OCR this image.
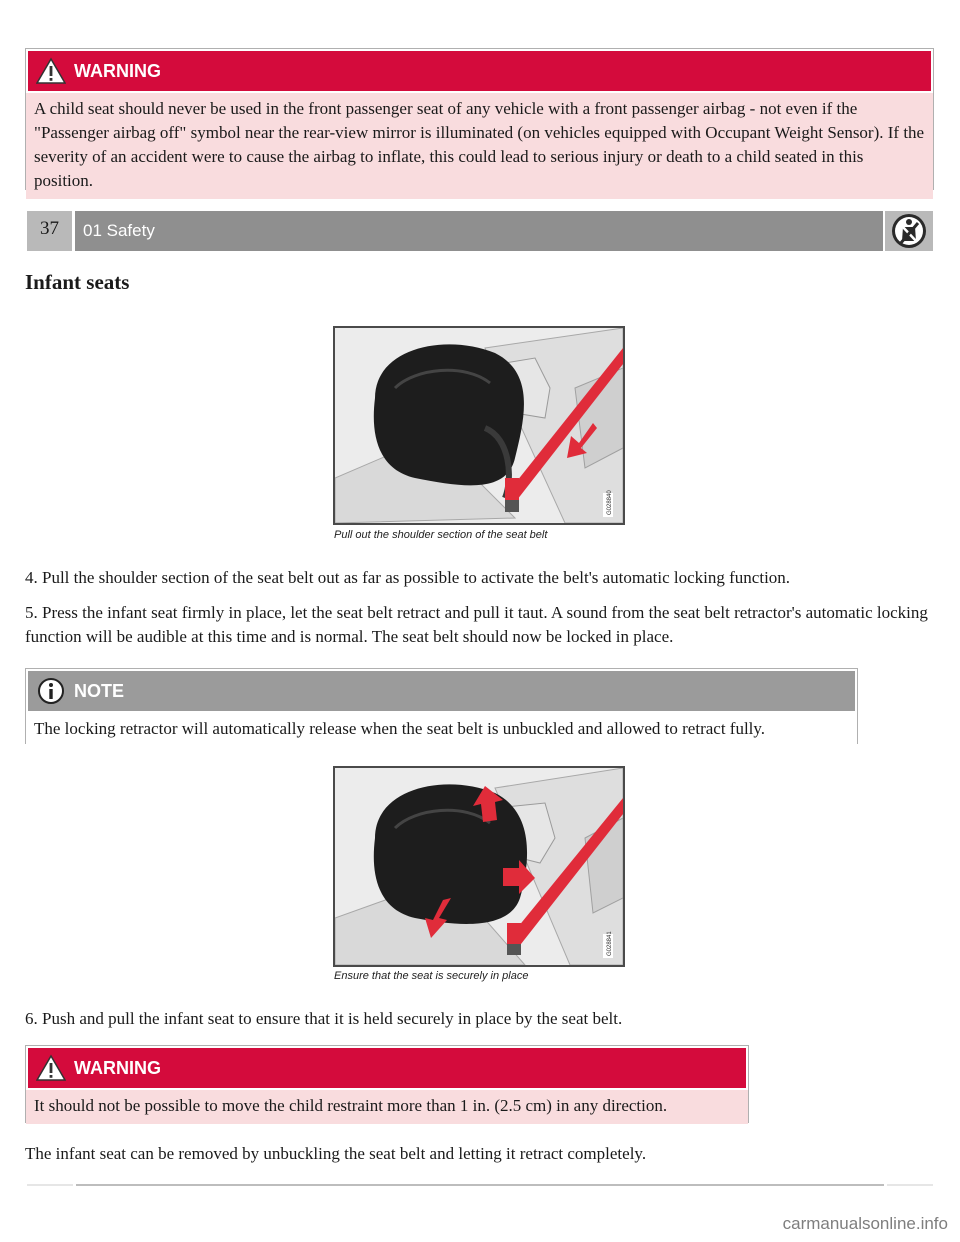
WARNING
A child seat should never be used in the front passenger seat of any vehicle with a front passenger airbag - not even if the "Passenger airbag off" symbol near the rear-view mirror is illuminated (on vehicles equipped with Occupant Weight Sensor). If the severity of an accident were to cause the airbag to inflate, this could lead to serious injury or death to a child seated in this position.
37	01 Safety
Infant seats
G028840
Pull out the shoulder section of the seat belt
4. Pull the shoulder section of the seat belt out as far as possible to activate the belt's automatic locking function.
5. Press the infant seat firmly in place, let the seat belt retract and pull it taut. A sound from the seat belt retractor's automatic locking function will be audible at this time and is normal. The seat belt should now be locked in place.
NOTE
The locking retractor will automatically release when the seat belt is unbuckled and allowed to retract fully.
G028841
Ensure that the seat is securely in place
6. Push and pull the infant seat to ensure that it is held securely in place by the seat belt.
WARNING
It should not be possible to move the child restraint more than 1 in. (2.5 cm) in any direction.
The infant seat can be removed by unbuckling the seat belt and letting it retract completely.
carmanualsonline.info
